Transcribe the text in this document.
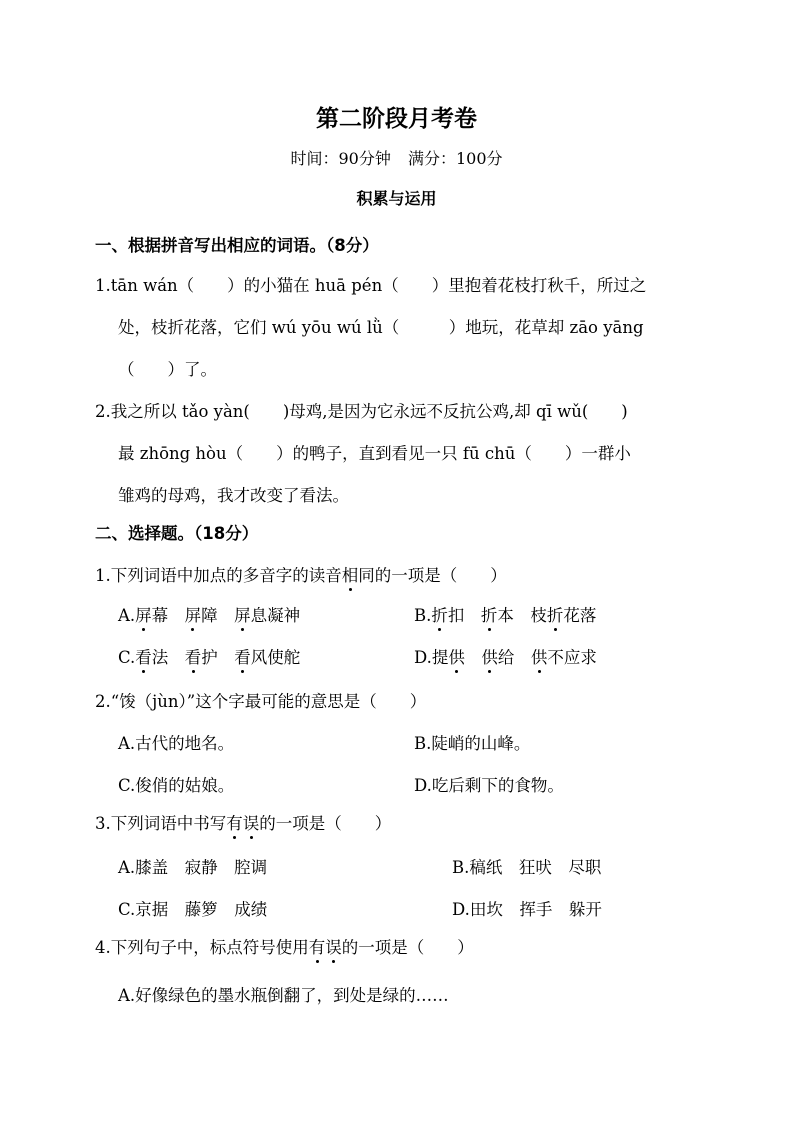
第二阶段月考卷
时间：90分钟 满分：100分
积累与运用
一、根据拼音写出相应的词语。（8分）
1.tān wán（　　）的小猫在 huā pén（　　）里抱着花枝打秋千，所过之
处，枝折花落，它们 wú yōu wú lǜ（　　　）地玩，花草却 zāo yāng
（　　）了。
2.我之所以 tǎo yàn(　　)母鸡,是因为它永远不反抗公鸡,却 qī wǔ(　　)
最 zhōng hòu（　　）的鸭子，直到看见一只 fū chū（　　）一群小
雏鸡的母鸡，我才改变了看法。
二、选择题。（18分）
1.下列词语中加点的多音字的读音相同的一项是（　　）
A.屏幕　 屏障　 屏息凝神	B.折扣　 折本　 枝折花落
C.看法　 看护　 看风使舵	D.提供　 供给　 供不应求
2.“馂（jùn）”这个字最可能的意思是（　　）
A.古代的地名。	B.陡峭的山峰。
C.俊俏的姑娘。	D.吃后剩下的食物。
3.下列词语中书写有误的一项是（　　）
A.膝盖　寂静　腔调	B.稿纸　狂吠　尽职
C.京据　藤箩　成绩	D.田坎　挥手　躲开
4.下列句子中，标点符号使用有误的一项是（　　）
A.好像绿色的墨水瓶倒翻了，到处是绿的……
